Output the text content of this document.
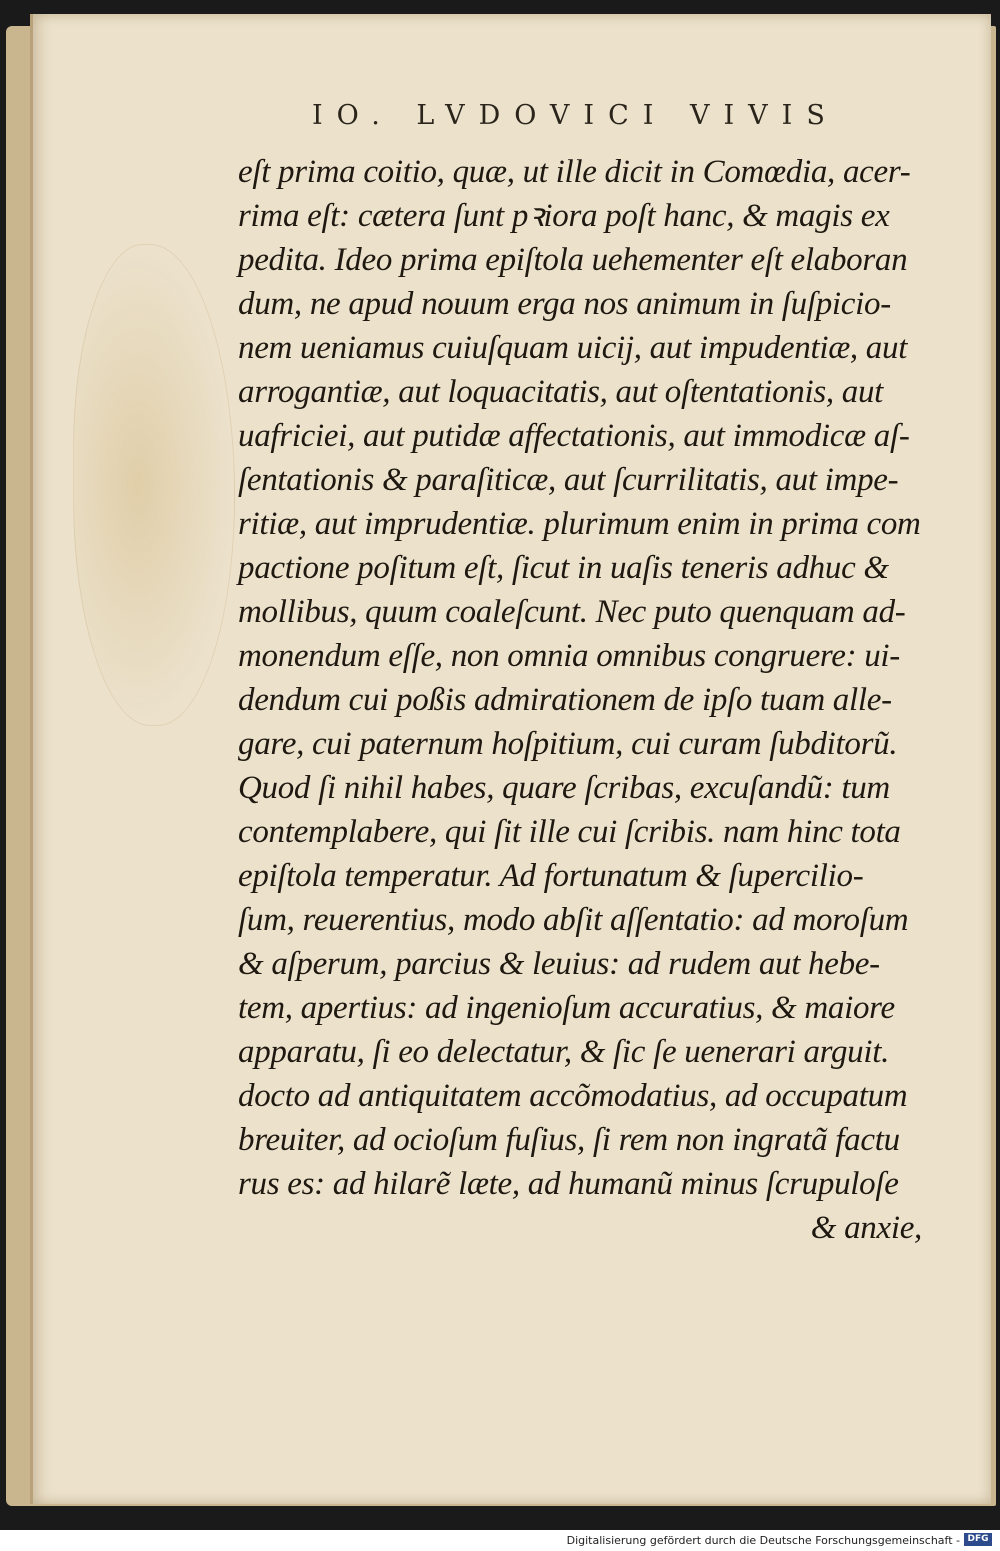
IO. LVDOVICI VIVIS
eſt prima coitio, quæ, ut ille dicit in Comœdia, acer-
rima eſt: cætera ſunt pꝛiora poſt hanc, & magis ex
pedita. Ideo prima epiſtola uehementer eſt elaboran
dum, ne apud nouum erga nos animum in ſuſpicio-
nem ueniamus cuiuſquam uicij, aut impudentiæ, aut
arrogantiæ, aut loquacitatis, aut oſtentationis, aut
uafriciei, aut putidæ affectationis, aut immodicæ aſ-
ſentationis & paraſiticæ, aut ſcurrilitatis, aut impe-
ritiæ, aut imprudentiæ. plurimum enim in prima com
pactione poſitum eſt, ſicut in uaſis teneris adhuc &
mollibus, quum coaleſcunt. Nec puto quenquam ad-
monendum eſſe, non omnia omnibus congruere: ui-
dendum cui poßis admirationem de ipſo tuam alle-
gare, cui paternum hoſpitium, cui curam ſubditorũ.
Quod ſi nihil habes, quare ſcribas, excuſandũ: tum
contemplabere, qui ſit ille cui ſcribis. nam hinc tota
epiſtola temperatur. Ad fortunatum & ſupercilio-
ſum, reuerentius, modo abſit aſſentatio: ad moroſum
& aſperum, parcius & leuius: ad rudem aut hebe-
tem, apertius: ad ingenioſum accuratius, & maiore
apparatu, ſi eo delectatur, & ſic ſe uenerari arguit.
docto ad antiquitatem accõmodatius, ad occupatum
breuiter, ad ocioſum fuſius, ſi rem non ingratã factu
rus es: ad hilarẽ læte, ad humanũ minus ſcrupuloſe
& anxie,
Digitalisierung gefördert durch die Deutsche Forschungsgemeinschaft - DFG
